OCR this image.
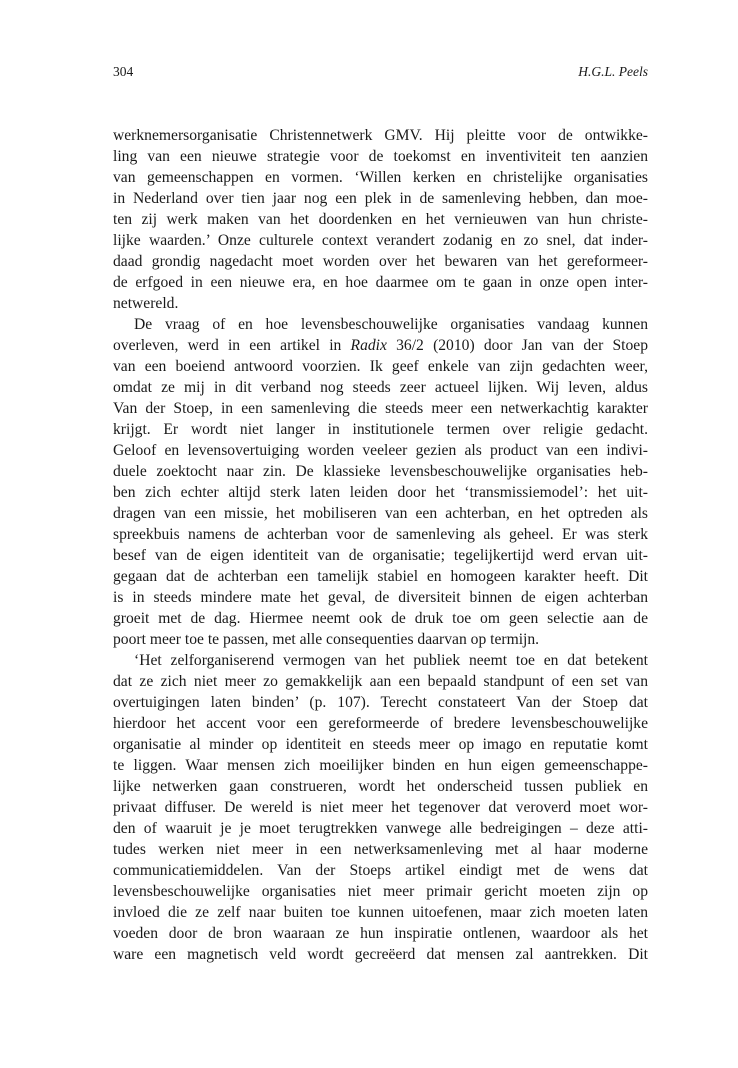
304	H.G.L. Peels
werknemersorganisatie Christennetwerk GMV. Hij pleitte voor de ontwikke-
ling van een nieuwe strategie voor de toekomst en inventiviteit ten aanzien
van gemeenschappen en vormen. ‘Willen kerken en christelijke organisaties
in Nederland over tien jaar nog een plek in de samenleving hebben, dan moe-
ten zij werk maken van het doordenken en het vernieuwen van hun christe-
lijke waarden.’ Onze culturele context verandert zodanig en zo snel, dat inder-
daad grondig nagedacht moet worden over het bewaren van het gereformeer-
de erfgoed in een nieuwe era, en hoe daarmee om te gaan in onze open inter-
netwereld.
De vraag of en hoe levensbeschouwelijke organisaties vandaag kunnen
overleven, werd in een artikel in Radix 36/2 (2010) door Jan van der Stoep
van een boeiend antwoord voorzien. Ik geef enkele van zijn gedachten weer,
omdat ze mij in dit verband nog steeds zeer actueel lijken. Wij leven, aldus
Van der Stoep, in een samenleving die steeds meer een netwerkachtig karakter
krijgt. Er wordt niet langer in institutionele termen over religie gedacht.
Geloof en levensovertuiging worden veeleer gezien als product van een indivi-
duele zoektocht naar zin. De klassieke levensbeschouwelijke organisaties heb-
ben zich echter altijd sterk laten leiden door het ‘transmissiemodel’: het uit-
dragen van een missie, het mobiliseren van een achterban, en het optreden als
spreekbuis namens de achterban voor de samenleving als geheel. Er was sterk
besef van de eigen identiteit van de organisatie; tegelijkertijd werd ervan uit-
gegaan dat de achterban een tamelijk stabiel en homogeen karakter heeft. Dit
is in steeds mindere mate het geval, de diversiteit binnen de eigen achterban
groeit met de dag. Hiermee neemt ook de druk toe om geen selectie aan de
poort meer toe te passen, met alle consequenties daarvan op termijn.
‘Het zelforganiserend vermogen van het publiek neemt toe en dat betekent
dat ze zich niet meer zo gemakkelijk aan een bepaald standpunt of een set van
overtuigingen laten binden’ (p. 107). Terecht constateert Van der Stoep dat
hierdoor het accent voor een gereformeerde of bredere levensbeschouwelijke
organisatie al minder op identiteit en steeds meer op imago en reputatie komt
te liggen. Waar mensen zich moeilijker binden en hun eigen gemeenschappe-
lijke netwerken gaan construeren, wordt het onderscheid tussen publiek en
privaat diffuser. De wereld is niet meer het tegenover dat veroverd moet wor-
den of waaruit je je moet terugtrekken vanwege alle bedreigingen – deze atti-
tudes werken niet meer in een netwerksamenleving met al haar moderne
communicatiemiddelen. Van der Stoeps artikel eindigt met de wens dat
levensbeschouwelijke organisaties niet meer primair gericht moeten zijn op
invloed die ze zelf naar buiten toe kunnen uitoefenen, maar zich moeten laten
voeden door de bron waaraan ze hun inspiratie ontlenen, waardoor als het
ware een magnetisch veld wordt gecreëerd dat mensen zal aantrekken. Dit
